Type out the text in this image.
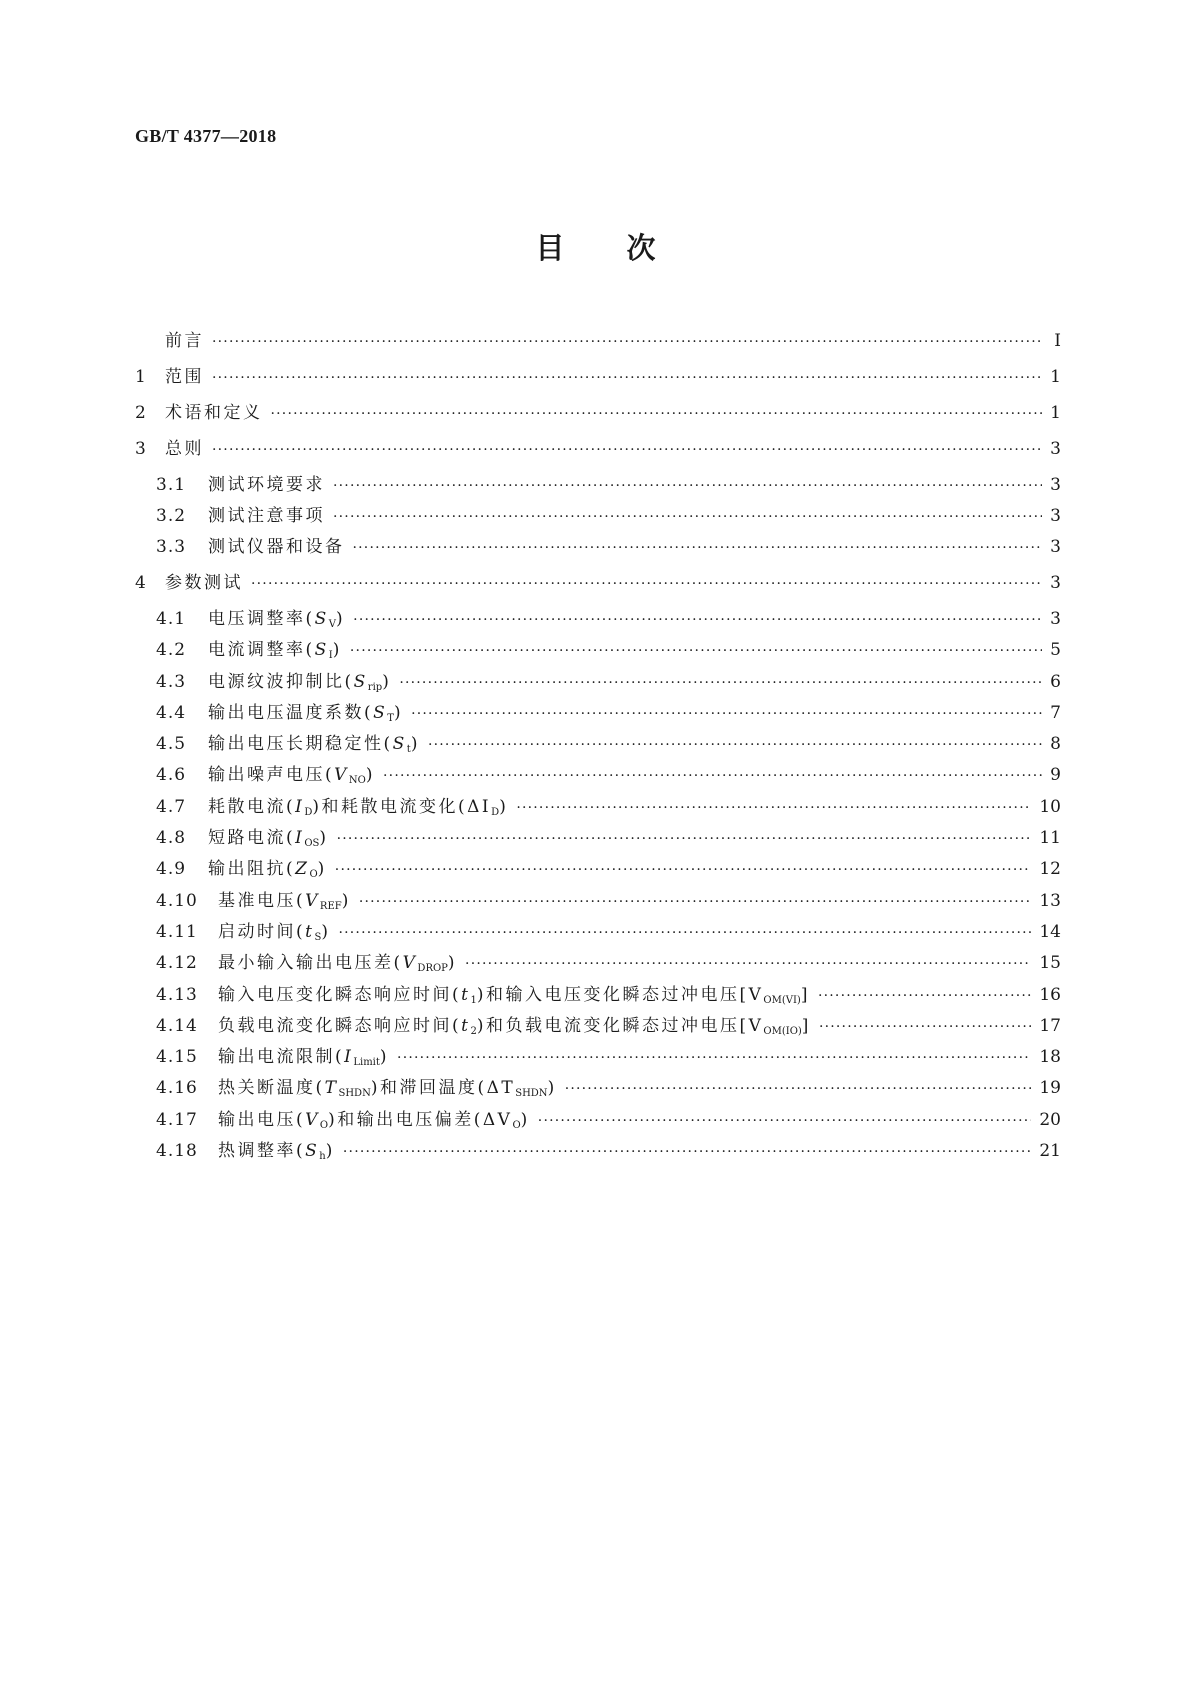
GB/T 4377—2018
目 次
前言 ·····	Ⅰ
1	范围 ·····	1
2	术语和定义 ·····	1
3	总则 ·····	3
3.1	测试环境要求 ·····	3
3.2	测试注意事项 ·····	3
3.3	测试仪器和设备 ·····	3
4	参数测试 ·····	3
4.1	电压调整率$(S_V)$ ·····	3
4.2	电流调整率$(S_I)$ ·····	5
4.3	电源纹波抑制比$(S_{rip})$ ·····	6
4.4	输出电压温度系数$(S_T)$ ·····	7
4.5	输出电压长期稳定性$(S_t)$ ·····	8
4.6	输出噪声电压$(V_{NO})$ ·····	9
4.7	耗散电流$(I_D)$和耗散电流变化$(\Delta I_D)$ ·····	10
4.8	短路电流$(I_{OS})$ ·····	11
4.9	输出阻抗$(Z_O)$ ·····	12
4.10	基准电压$(V_{REF})$ ·····	13
4.11	启动时间$(t_S)$ ·····	14
4.12	最小输入输出电压差$(V_{DROP})$ ·····	15
4.13	输入电压变化瞬态响应时间$(t_1)$和输入电压变化瞬态过冲电压$[V_{OM(VI)}]$ ·····	16
4.14	负载电流变化瞬态响应时间$(t_2)$和负载电流变化瞬态过冲电压$[V_{OM(IO)}]$ ·····	17
4.15	输出电流限制$(I_{Limit})$ ·····	18
4.16	热关断温度$(T_{SHDN})$和滞回温度$(\Delta T_{SHDN})$ ·····	19
4.17	输出电压$(V_O)$和输出电压偏差$(\Delta V_O)$ ·····	20
4.18	热调整率$(S_h)$ ·····	21
